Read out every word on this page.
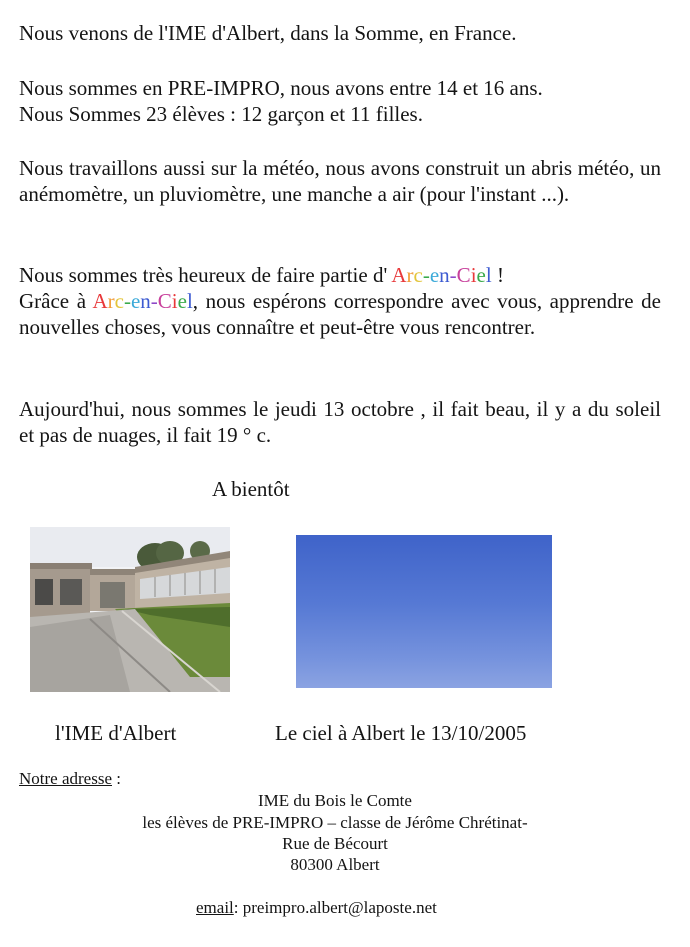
Nous venons de l'IME d'Albert, dans la Somme, en France.

Nous sommes en PRE-IMPRO, nous avons entre 14 et 16 ans.
Nous Sommes 23 élèves : 12 garçon et 11 filles.

Nous travaillons aussi sur la météo, nous avons construit un abris météo, un anémomètre, un pluviomètre, une manche a air (pour l'instant ...).

Nous sommes très heureux de faire partie d' Arc-en-Ciel !
Grâce à Arc-en-Ciel, nous espérons correspondre avec vous, apprendre de nouvelles choses, vous connaître et peut-être vous rencontrer.

Aujourd'hui, nous sommes le jeudi 13 octobre , il fait beau, il y a du soleil et pas de nuages, il fait 19 ° c.

A bientôt
l'IME d'Albert	Le ciel à Albert le 13/10/2005
Notre adresse :
IME du Bois le Comte
les élèves de PRE-IMPRO – classe de Jérôme Chrétinat-
Rue de Bécourt
80300 Albert
email: preimpro.albert@laposte.net
